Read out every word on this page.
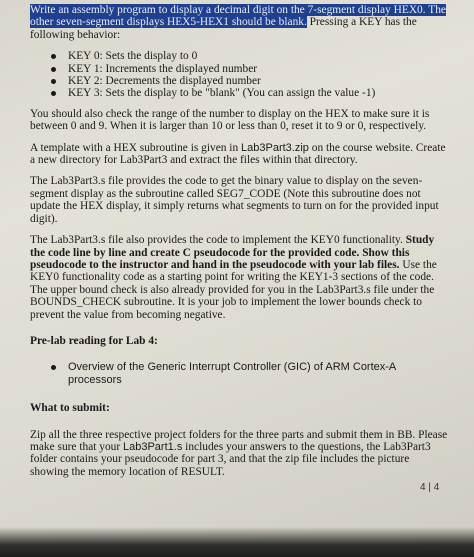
Write an assembly program to display a decimal digit on the 7-segment display HEX0. The other seven-segment displays HEX5-HEX1 should be blank. Pressing a KEY has the following behavior:

KEY 0: Sets the display to 0
KEY 1: Increments the displayed number
KEY 2: Decrements the displayed number
KEY 3: Sets the display to be "blank" (You can assign the value -1)

You should also check the range of the number to display on the HEX to make sure it is between 0 and 9. When it is larger than 10 or less than 0, reset it to 9 or 0, respectively.

A template with a HEX subroutine is given in Lab3Part3.zip on the course website. Create a new directory for Lab3Part3 and extract the files within that directory.

The Lab3Part3.s file provides the code to get the binary value to display on the seven-segment display as the subroutine called SEG7_CODE (Note this subroutine does not update the HEX display, it simply returns what segments to turn on for the provided input digit).

The Lab3Part3.s file also provides the code to implement the KEY0 functionality. Study the code line by line and create C pseudocode for the provided code. Show this pseudocode to the instructor and hand in the pseudocode with your lab files. Use the KEY0 functionality code as a starting point for writing the KEY1-3 sections of the code. The upper bound check is also already provided for you in the Lab3Part3.s file under the BOUNDS_CHECK subroutine. It is your job to implement the lower bounds check to prevent the value from becoming negative.

Pre-lab reading for Lab 4:
Overview of the Generic Interrupt Controller (GIC) of ARM Cortex-A processors
What to submit:

Zip all the three respective project folders for the three parts and submit them in BB. Please make sure that your Lab3Part1.s includes your answers to the questions, the Lab3Part3 folder contains your pseudocode for part 3, and that the zip file includes the picture showing the memory location of RESULT.

4 | 4
